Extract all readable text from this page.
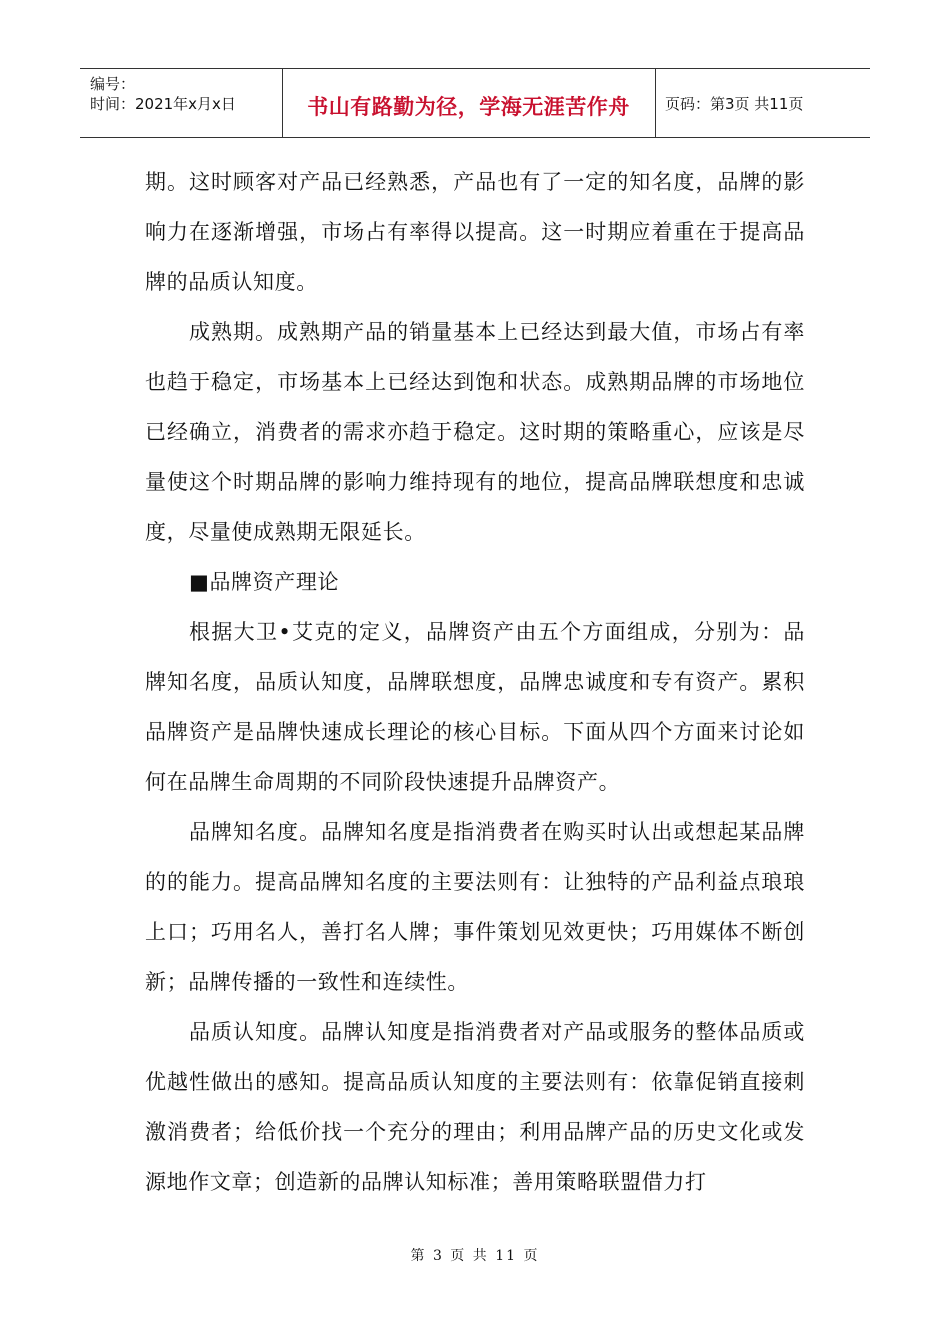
编号：
时间：2021年x月x日	书山有路勤为径，学海无涯苦作舟	页码：第3页 共11页

期。这时顾客对产品已经熟悉，产品也有了一定的知名度，品牌的影响力在逐渐增强，市场占有率得以提高。这一时期应着重在于提高品牌的品质认知度。

成熟期。成熟期产品的销量基本上已经达到最大值，市场占有率也趋于稳定，市场基本上已经达到饱和状态。成熟期品牌的市场地位已经确立，消费者的需求亦趋于稳定。这时期的策略重心，应该是尽量使这个时期品牌的影响力维持现有的地位，提高品牌联想度和忠诚度，尽量使成熟期无限延长。

■品牌资产理论

根据大卫•艾克的定义，品牌资产由五个方面组成，分别为：品牌知名度，品质认知度，品牌联想度，品牌忠诚度和专有资产。累积品牌资产是品牌快速成长理论的核心目标。下面从四个方面来讨论如何在品牌生命周期的不同阶段快速提升品牌资产。

品牌知名度。品牌知名度是指消费者在购买时认出或想起某品牌的的能力。提高品牌知名度的主要法则有：让独特的产品利益点琅琅上口；巧用名人，善打名人牌；事件策划见效更快；巧用媒体不断创新；品牌传播的一致性和连续性。

品质认知度。品牌认知度是指消费者对产品或服务的整体品质或优越性做出的感知。提高品质认知度的主要法则有：依靠促销直接刺激消费者；给低价找一个充分的理由；利用品牌产品的历史文化或发源地作文章；创造新的品牌认知标准；善用策略联盟借力打

第 3 页 共 11 页
